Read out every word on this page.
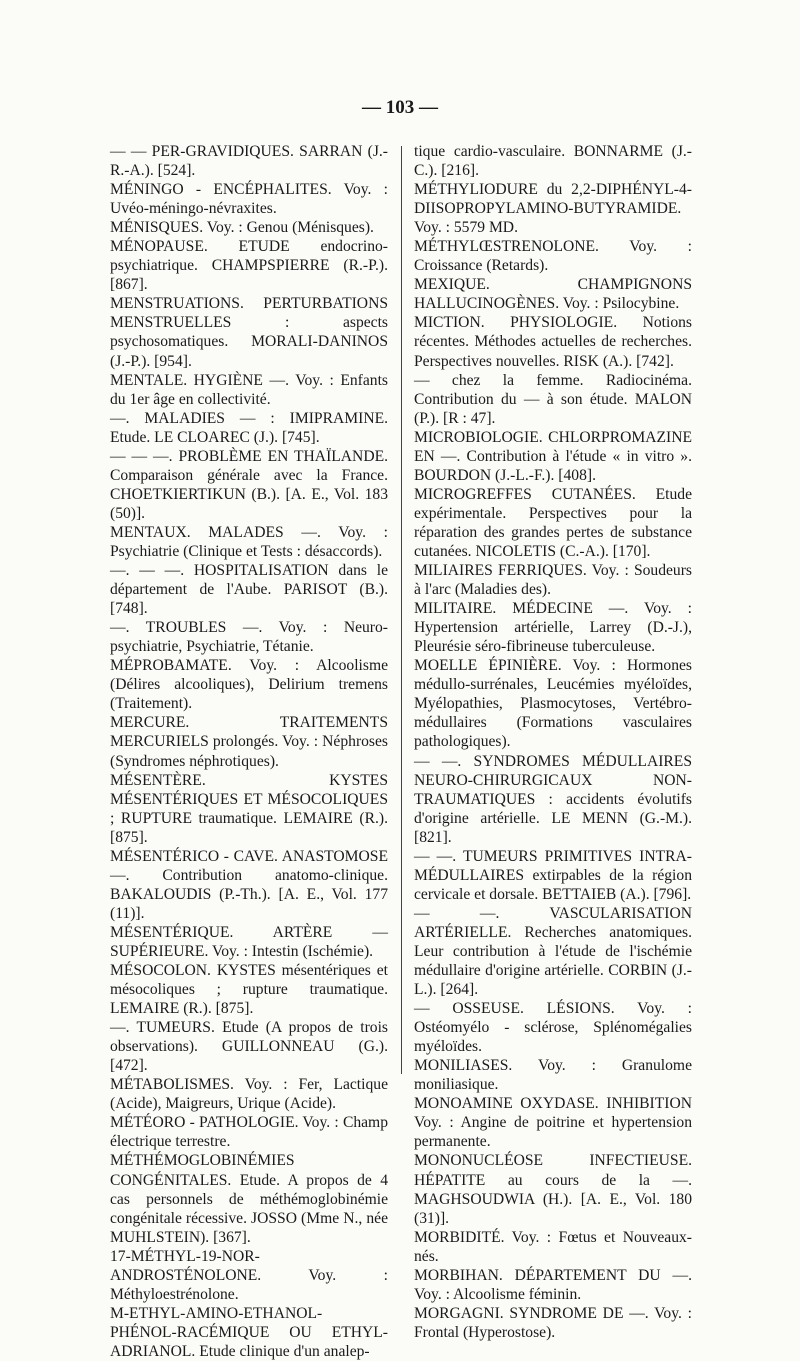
— 103 —

— — PER-GRAVIDIQUES. SARRAN (J.-R.-A.). [524].

MÉNINGO - ENCÉPHALITES. Voy. : Uvéo-méningo-névraxites.

MÉNISQUES. Voy. : Genou (Ménisques).

MÉNOPAUSE. ETUDE endocrino-psychiatrique. CHAMPSPIERRE (R.-P.). [867].

MENSTRUATIONS. PERTURBATIONS MENSTRUELLES : aspects psychosomatiques. MORALI-DANINOS (J.-P.). [954].

MENTALE. HYGIÈNE —. Voy. : Enfants du 1er âge en collectivité.

—. MALADIES — : IMIPRAMINE. Etude. LE CLOAREC (J.). [745].

— — —. PROBLÈME EN THAÏLANDE. Comparaison générale avec la France. CHOETKIERTIKUN (B.). [A. E., Vol. 183 (50)].

MENTAUX. MALADES —. Voy. : Psychiatrie (Clinique et Tests : désaccords).

—. — —. HOSPITALISATION dans le département de l'Aube. PARISOT (B.). [748].

—. TROUBLES —. Voy. : Neuro-psychiatrie, Psychiatrie, Tétanie.

MÉPROBAMATE. Voy. : Alcoolisme (Délires alcooliques), Delirium tremens (Traitement).

MERCURE. TRAITEMENTS MERCURIELS prolongés. Voy. : Néphroses (Syndromes néphrotiques).

MÉSENTÈRE. KYSTES MÉSENTÉRIQUES ET MÉSOCOLIQUES ; RUPTURE traumatique. LEMAIRE (R.). [875].

MÉSENTÉRICO - CAVE. ANASTOMOSE —. Contribution anatomo-clinique. BAKALOUDIS (P.-Th.). [A. E., Vol. 177 (11)].

MÉSENTÉRIQUE. ARTÈRE — SUPÉRIEURE. Voy. : Intestin (Ischémie).

MÉSOCOLON. KYSTES mésentériques et mésocoliques ; rupture traumatique. LEMAIRE (R.). [875].

—. TUMEURS. Etude (A propos de trois observations). GUILLONNEAU (G.). [472].

MÉTABOLISMES. Voy. : Fer, Lactique (Acide), Maigreurs, Urique (Acide).

MÉTÉORO - PATHOLOGIE. Voy. : Champ électrique terrestre.

MÉTHÉMOGLOBINÉMIES CONGÉNITALES. Etude. A propos de 4 cas personnels de méthémoglobinémie congénitale récessive. JOSSO (Mme N., née MUHLSTEIN). [367].

17-MÉTHYL-19-NOR-ANDROSTÉNOLONE. Voy. : Méthyloestrénolone.

M-ETHYL-AMINO-ETHANOL-PHÉNOL-RACÉMIQUE OU ETHYL-ADRIANOL. Etude clinique d'un analep-

tique cardio-vasculaire. BONNARME (J.-C.). [216].

MÉTHYLIODURE du 2,2-DIPHÉNYL-4-DIISOPROPYLAMINO-BUTYRAMIDE. Voy. : 5579 MD.

MÉTHYLŒSTRENOLONE. Voy. : Croissance (Retards).

MEXIQUE. CHAMPIGNONS HALLUCINOGÈNES. Voy. : Psilocybine.

MICTION. PHYSIOLOGIE. Notions récentes. Méthodes actuelles de recherches. Perspectives nouvelles. RISK (A.). [742].

— chez la femme. Radiocinéma. Contribution du — à son étude. MALON (P.). [R : 47].

MICROBIOLOGIE. CHLORPROMAZINE EN —. Contribution à l'étude « in vitro ». BOURDON (J.-L.-F.). [408].

MICROGREFFES CUTANÉES. Etude expérimentale. Perspectives pour la réparation des grandes pertes de substance cutanées. NICOLETIS (C.-A.). [170].

MILIAIRES FERRIQUES. Voy. : Soudeurs à l'arc (Maladies des).

MILITAIRE. MÉDECINE —. Voy. : Hypertension artérielle, Larrey (D.-J.), Pleurésie séro-fibrineuse tuberculeuse.

MOELLE ÉPINIÈRE. Voy. : Hormones médullo-surrénales, Leucémies myéloïdes, Myélopathies, Plasmocytoses, Vertébro-médullaires (Formations vasculaires pathologiques).

— —. SYNDROMES MÉDULLAIRES NEURO-CHIRURGICAUX NON-TRAUMATIQUES : accidents évolutifs d'origine artérielle. LE MENN (G.-M.). [821].

— —. TUMEURS PRIMITIVES INTRA-MÉDULLAIRES extirpables de la région cervicale et dorsale. BETTAIEB (A.). [796].

— —. VASCULARISATION ARTÉRIELLE. Recherches anatomiques. Leur contribution à l'étude de l'ischémie médullaire d'origine artérielle. CORBIN (J.-L.). [264].

— OSSEUSE. LÉSIONS. Voy. : Ostéomyélo - sclérose, Splénomégalies myéloïdes.

MONILIASES. Voy. : Granulome moniliasique.

MONOAMINE OXYDASE. INHIBITION Voy. : Angine de poitrine et hypertension permanente.

MONONUCLÉOSE INFECTIEUSE. HÉPATITE au cours de la —. MAGHSOUDWIA (H.). [A. E., Vol. 180 (31)].

MORBIDITÉ. Voy. : Fœtus et Nouveaux-nés.

MORBIHAN. DÉPARTEMENT DU —. Voy. : Alcoolisme féminin.

MORGAGNI. SYNDROME DE —. Voy. : Frontal (Hyperostose).
